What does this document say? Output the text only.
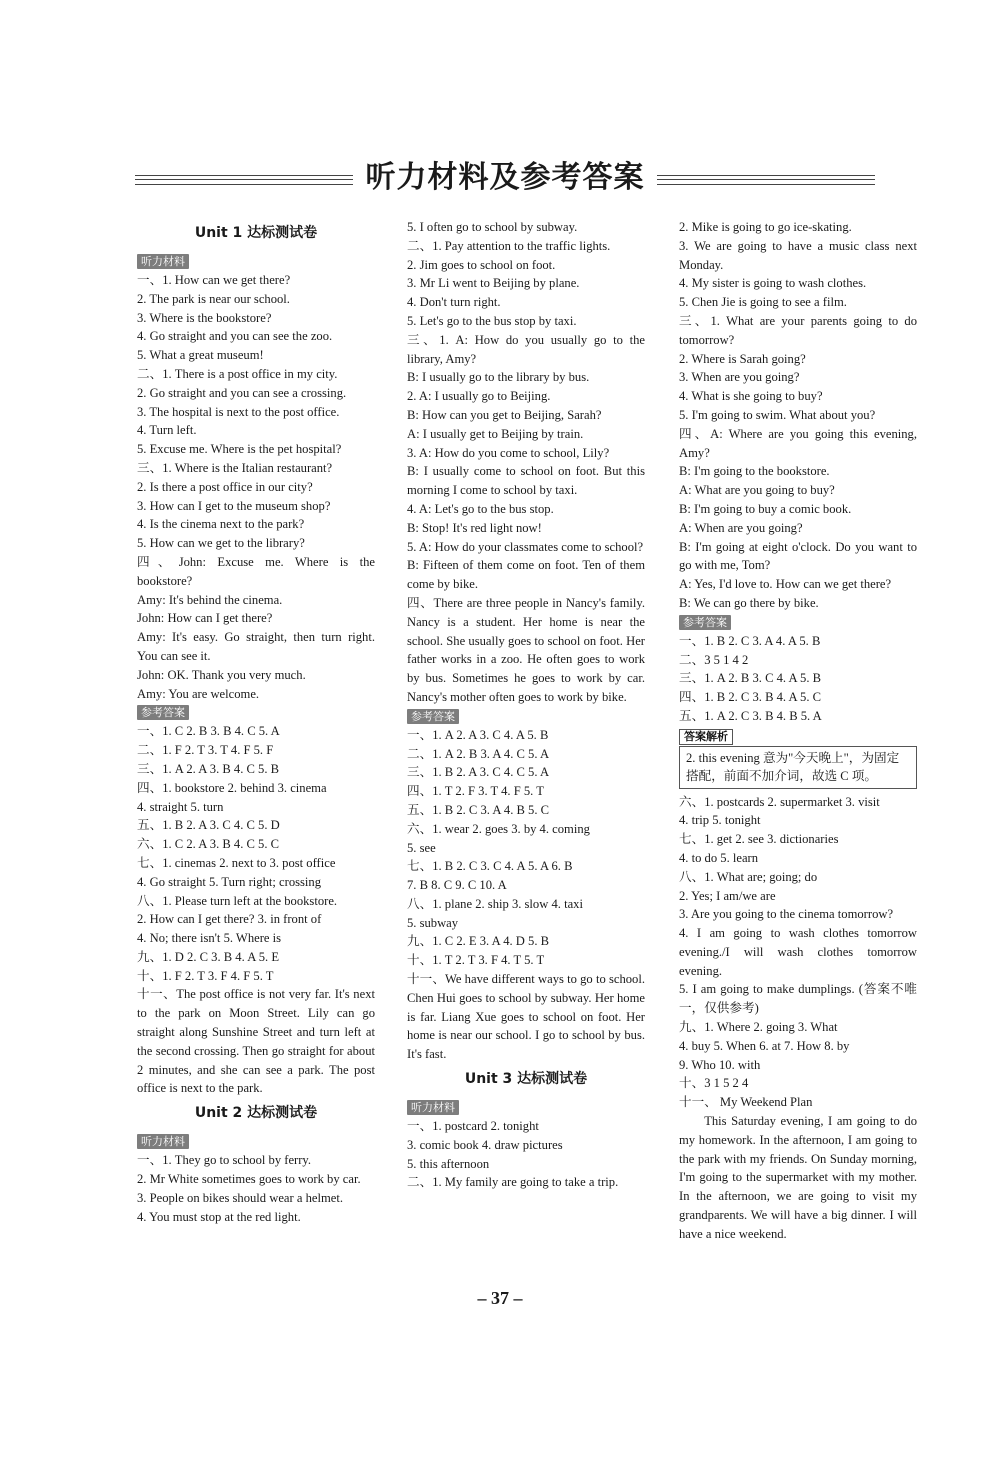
听力材料及参考答案
Unit 1 达标测试卷
听力材料
一、1. How can we get there?
2. The park is near our school.
3. Where is the bookstore?
4. Go straight and you can see the zoo.
5. What a great museum!
二、1. There is a post office in my city.
2. Go straight and you can see a crossing.
3. The hospital is next to the post office.
4. Turn left.
5. Excuse me. Where is the pet hospital?
三、1. Where is the Italian restaurant?
2. Is there a post office in our city?
3. How can I get to the museum shop?
4. Is the cinema next to the park?
5. How can we get to the library?
四、John: Excuse me. Where is the bookstore?
Amy: It's behind the cinema.
John: How can I get there?
Amy: It's easy. Go straight, then turn right. You can see it.
John: OK. Thank you very much.
Amy: You are welcome.
参考答案
一、1. C 2. B 3. B 4. C 5. A
二、1. F 2. T 3. T 4. F 5. F
三、1. A 2. A 3. B 4. C 5. B
四、1. bookstore 2. behind 3. cinema
4. straight 5. turn
五、1. B 2. A 3. C 4. C 5. D
六、1. C 2. A 3. B 4. C 5. C
七、1. cinemas 2. next to 3. post office
4. Go straight 5. Turn right; crossing
八、1. Please turn left at the bookstore.
2. How can I get there? 3. in front of
4. No; there isn't 5. Where is
九、1. D 2. C 3. B 4. A 5. E
十、1. F 2. T 3. F 4. F 5. T
十一、The post office is not very far. It's next to the park on Moon Street. Lily can go straight along Sunshine Street and turn left at the second crossing. Then go straight for about 2 minutes, and she can see a park. The post office is next to the park.
Unit 2 达标测试卷
听力材料
一、1. They go to school by ferry.
2. Mr White sometimes goes to work by car.
3. People on bikes should wear a helmet.
4. You must stop at the red light.
5. I often go to school by subway.
二、1. Pay attention to the traffic lights.
2. Jim goes to school on foot.
3. Mr Li went to Beijing by plane.
4. Don't turn right.
5. Let's go to the bus stop by taxi.
三、1. A: How do you usually go to the library, Amy?
B: I usually go to the library by bus.
2. A: I usually go to Beijing.
B: How can you get to Beijing, Sarah?
A: I usually get to Beijing by train.
3. A: How do you come to school, Lily?
B: I usually come to school on foot. But this morning I come to school by taxi.
4. A: Let's go to the bus stop.
B: Stop! It's red light now!
5. A: How do your classmates come to school?
B: Fifteen of them come on foot. Ten of them come by bike.
四、There are three people in Nancy's family. Nancy is a student. Her home is near the school. She usually goes to school on foot. Her father works in a zoo. He often goes to work by bus. Sometimes he goes to work by car. Nancy's mother often goes to work by bike.
参考答案
一、1. A 2. A 3. C 4. A 5. B
二、1. A 2. B 3. A 4. C 5. A
三、1. B 2. A 3. C 4. C 5. A
四、1. T 2. F 3. T 4. F 5. T
五、1. B 2. C 3. A 4. B 5. C
六、1. wear 2. goes 3. by 4. coming
5. see
七、1. B 2. C 3. C 4. A 5. A 6. B
7. B 8. C 9. C 10. A
八、1. plane 2. ship 3. slow 4. taxi
5. subway
九、1. C 2. E 3. A 4. D 5. B
十、1. T 2. T 3. F 4. T 5. T
十一、We have different ways to go to school. Chen Hui goes to school by subway. Her home is far. Liang Xue goes to school on foot. Her home is near our school. I go to school by bus. It's fast.
Unit 3 达标测试卷
听力材料
一、1. postcard 2. tonight
3. comic book 4. draw pictures
5. this afternoon
二、1. My family are going to take a trip.
2. Mike is going to go ice-skating.
3. We are going to have a music class next Monday.
4. My sister is going to wash clothes.
5. Chen Jie is going to see a film.
三、1. What are your parents going to do tomorrow?
2. Where is Sarah going?
3. When are you going?
4. What is she going to buy?
5. I'm going to swim. What about you?
四、A: Where are you going this evening, Amy?
B: I'm going to the bookstore.
A: What are you going to buy?
B: I'm going to buy a comic book.
A: When are you going?
B: I'm going at eight o'clock. Do you want to go with me, Tom?
A: Yes, I'd love to. How can we get there?
B: We can go there by bike.
参考答案
一、1. B 2. C 3. A 4. A 5. B
二、3 5 1 4 2
三、1. A 2. B 3. C 4. A 5. B
四、1. B 2. C 3. B 4. A 5. C
五、1. A 2. C 3. B 4. B 5. A
答案解析
2. this evening 意为"今天晚上"，为固定搭配，前面不加介词，故选 C 项。
六、1. postcards 2. supermarket 3. visit
4. trip 5. tonight
七、1. get 2. see 3. dictionaries
4. to do 5. learn
八、1. What are; going; do
2. Yes; I am/we are
3. Are you going to the cinema tomorrow?
4. I am going to wash clothes tomorrow evening./I will wash clothes tomorrow evening.
5. I am going to make dumplings. (答案不唯一，仅供参考)
九、1. Where 2. going 3. What
4. buy 5. When 6. at 7. How 8. by
9. Who 10. with
十、3 1 5 2 4
十一、 My Weekend Plan
This Saturday evening, I am going to do my homework. In the afternoon, I am going to the park with my friends. On Sunday morning, I'm going to the supermarket with my mother. In the afternoon, we are going to visit my grandparents. We will have a big dinner. I will have a nice weekend.
– 37 –
